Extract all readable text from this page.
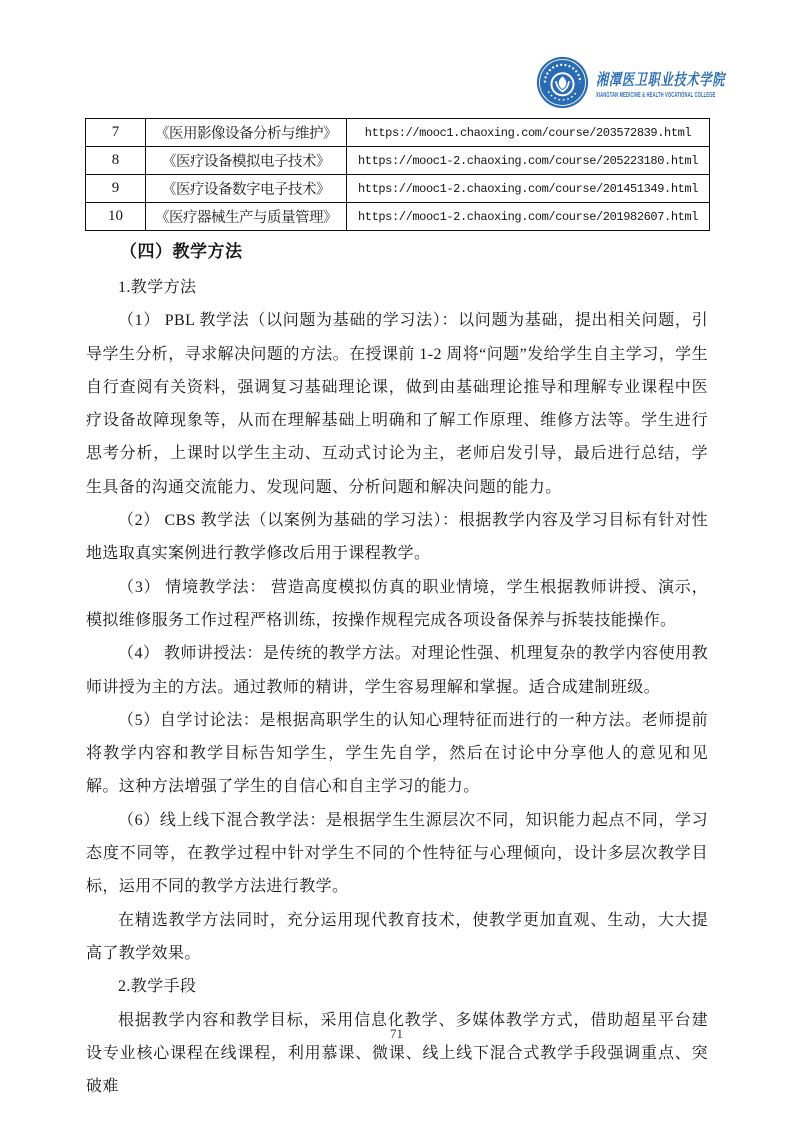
湘潭医卫职业技术学院
XIANGTAN MEDICINE & HEALTH VOCATIONAL COLLEGE
7	《医用影像设备分析与维护》	https://mooc1.chaoxing.com/course/203572839.html
8	《医疗设备模拟电子技术》	https://mooc1-2.chaoxing.com/course/205223180.html
9	《医疗设备数字电子技术》	https://mooc1-2.chaoxing.com/course/201451349.html
10	《医疗器械生产与质量管理》	https://mooc1-2.chaoxing.com/course/201982607.html
（四）教学方法
1.教学方法

（1） PBL 教学法（以问题为基础的学习法）：以问题为基础，提出相关问题，引导学生分析，寻求解决问题的方法。在授课前 1-2 周将“问题”发给学生自主学习，学生自行查阅有关资料，强调复习基础理论课，做到由基础理论推导和理解专业课程中医疗设备故障现象等，从而在理解基础上明确和了解工作原理、维修方法等。学生进行思考分析，上课时以学生主动、互动式讨论为主，老师启发引导，最后进行总结，学生具备的沟通交流能力、发现问题、分析问题和解决问题的能力。

（2） CBS 教学法（以案例为基础的学习法）：根据教学内容及学习目标有针对性地选取真实案例进行教学修改后用于课程教学。

（3） 情境教学法： 营造高度模拟仿真的职业情境，学生根据教师讲授、演示，模拟维修服务工作过程严格训练，按操作规程完成各项设备保养与拆装技能操作。

（4） 教师讲授法：是传统的教学方法。对理论性强、机理复杂的教学内容使用教师讲授为主的方法。通过教师的精讲，学生容易理解和掌握。适合成建制班级。

（5）自学讨论法：是根据高职学生的认知心理特征而进行的一种方法。老师提前将教学内容和教学目标告知学生，学生先自学，然后在讨论中分享他人的意见和见解。这种方法增强了学生的自信心和自主学习的能力。

（6）线上线下混合教学法：是根据学生生源层次不同，知识能力起点不同，学习态度不同等，在教学过程中针对学生不同的个性特征与心理倾向，设计多层次教学目标，运用不同的教学方法进行教学。

在精选教学方法同时，充分运用现代教育技术，使教学更加直观、生动，大大提高了教学效果。

2.教学手段

根据教学内容和教学目标，采用信息化教学、多媒体教学方式，借助超星平台建设专业核心课程在线课程，利用慕课、微课、线上线下混合式教学手段强调重点、突破难

71
